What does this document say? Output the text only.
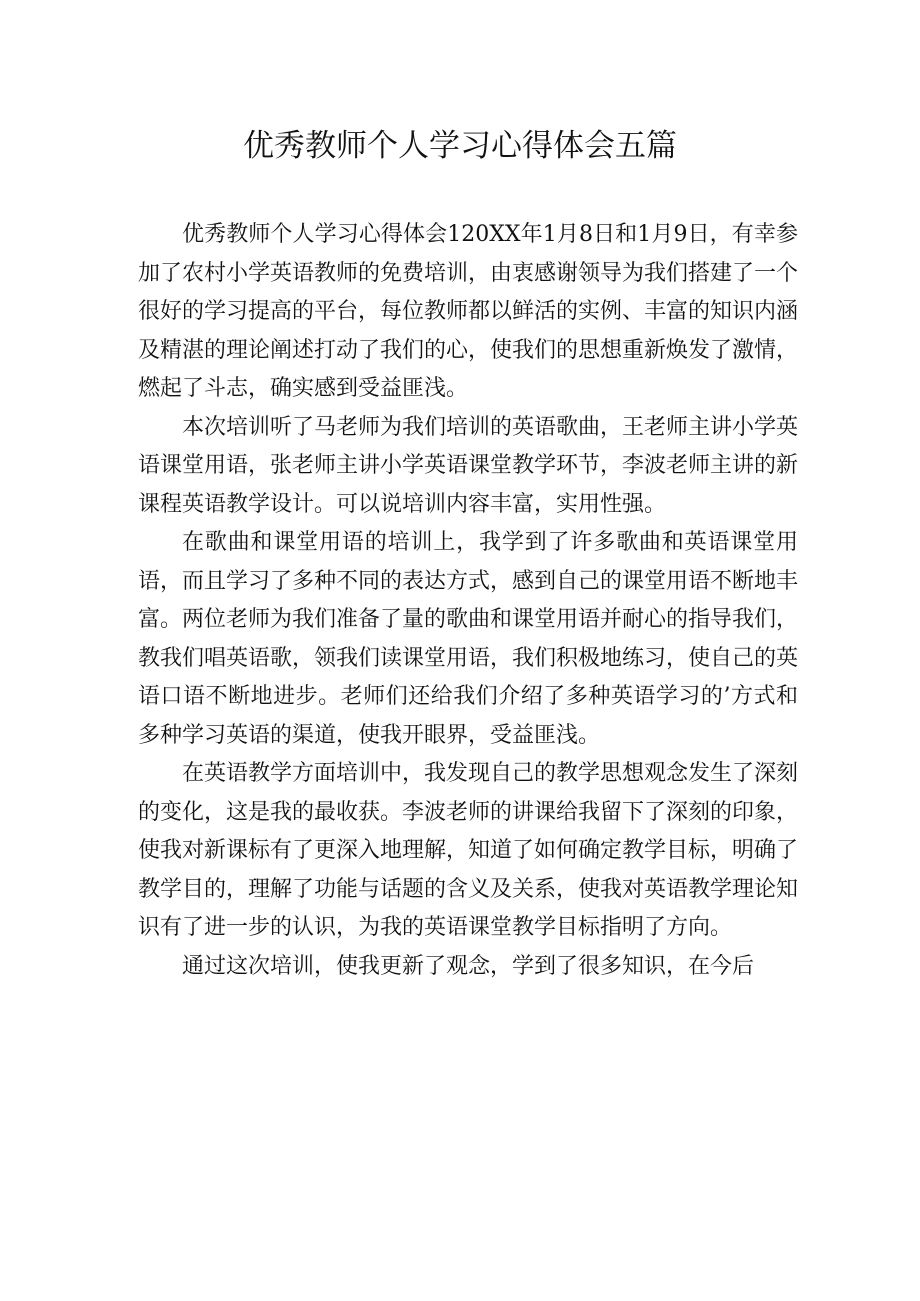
优秀教师个人学习心得体会五篇

优秀教师个人学习心得体会120XX年1月8日和1月9日，有幸参加了农村小学英语教师的免费培训，由衷感谢领导为我们搭建了一个很好的学习提高的平台，每位教师都以鲜活的实例、丰富的知识内涵及精湛的理论阐述打动了我们的心，使我们的思想重新焕发了激情，燃起了斗志，确实感到受益匪浅。

本次培训听了马老师为我们培训的英语歌曲，王老师主讲小学英语课堂用语，张老师主讲小学英语课堂教学环节，李波老师主讲的新课程英语教学设计。可以说培训内容丰富，实用性强。

在歌曲和课堂用语的培训上，我学到了许多歌曲和英语课堂用语，而且学习了多种不同的表达方式，感到自己的课堂用语不断地丰富。两位老师为我们准备了量的歌曲和课堂用语并耐心的指导我们，教我们唱英语歌，领我们读课堂用语，我们积极地练习，使自己的英语口语不断地进步。老师们还给我们介绍了多种英语学习的’方式和多种学习英语的渠道，使我开眼界，受益匪浅。

在英语教学方面培训中，我发现自己的教学思想观念发生了深刻的变化，这是我的最收获。李波老师的讲课给我留下了深刻的印象，使我对新课标有了更深入地理解，知道了如何确定教学目标，明确了教学目的，理解了功能与话题的含义及关系，使我对英语教学理论知识有了进一步的认识，为我的英语课堂教学目标指明了方向。

通过这次培训，使我更新了观念，学到了很多知识，在今后
